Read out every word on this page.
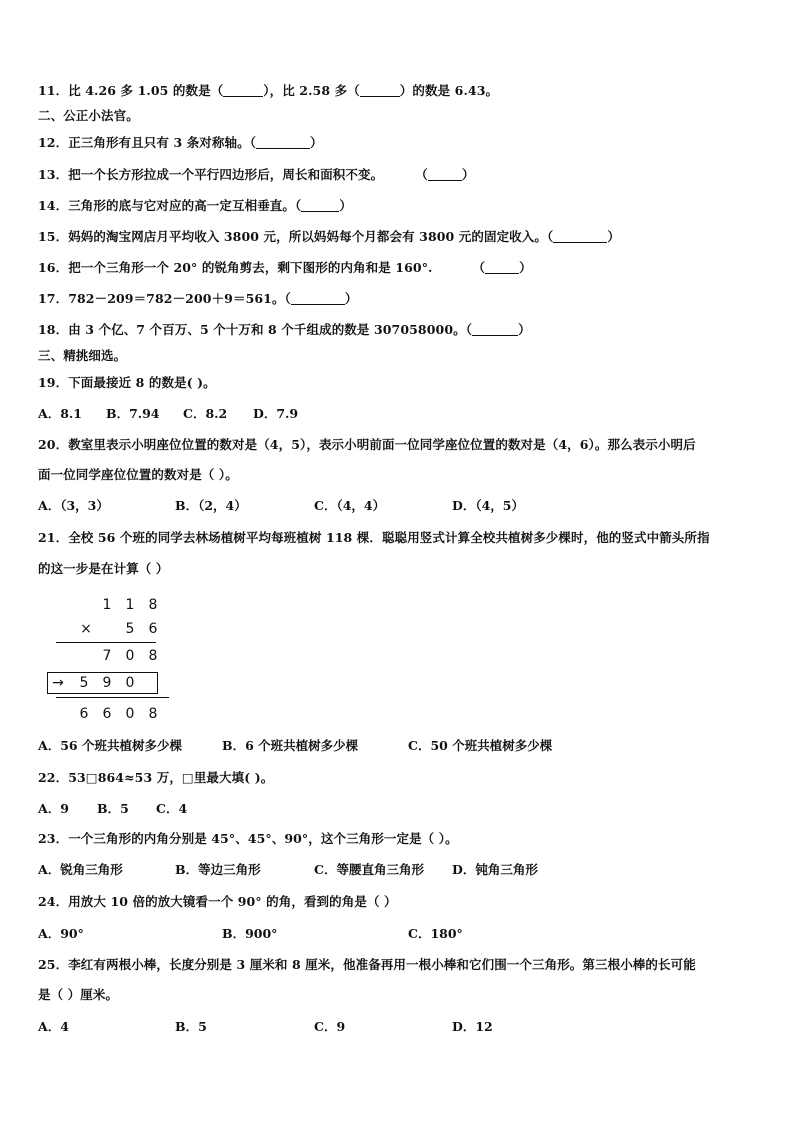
11．比 4.26 多 1.05 的数是（	），比 2.58 多（	）的数是 6.43。
二、公正小法官。
12．正三角形有且只有 3 条对称轴。（	）
13．把一个长方形拉成一个平行四边形后，周长和面积不变。	（	）
14．三角形的底与它对应的高一定互相垂直。（	）
15．妈妈的淘宝网店月平均收入 3800 元，所以妈妈每个月都会有 3800 元的固定收入。（	）
16．把一个三角形一个 20° 的锐角剪去，剩下图形的内角和是 160°.	（	）
17．782－209＝782－200＋9＝561。（	）
18．由 3 个亿、7 个百万、5 个十万和 8 个千组成的数是 307058000。（	）
三、精挑细选。
19．下面最接近 8 的数是( )。
A．8.1 B．7.94 C．8.2 D．7.9
20．教室里表示小明座位位置的数对是（4，5），表示小明前面一位同学座位位置的数对是（4，6）。那么表示小明后
面一位同学座位位置的数对是（ ）。
A．（3，3）	B．（2，4）	C．（4，4）	D．（4，5）
21．全校 56 个班的同学去林场植树平均每班植树 118 棵．聪聪用竖式计算全校共植树多少棵时，他的竖式中箭头所指
的这一步是在计算（ ）
1 1 8
× 5 6
7 0 8
→ 5 9 0
6 6 0 8
A．56 个班共植树多少棵	B．6 个班共植树多少棵	C．50 个班共植树多少棵
22．53□864≈53 万，□里最大填( )。
A．9 B．5 C．4
23．一个三角形的内角分别是 45°、45°、90°，这个三角形一定是（ ）。
A．锐角三角形	B．等边三角形	C．等腰直角三角形 D．钝角三角形
24．用放大 10 倍的放大镜看一个 90° 的角，看到的角是（ ）
A．90°	B．900°	C．180°
25．李红有两根小棒，长度分别是 3 厘米和 8 厘米，他准备再用一根小棒和它们围一个三角形。第三根小棒的长可能
是（ ）厘米。
A．4	B．5	C．9	D．12
